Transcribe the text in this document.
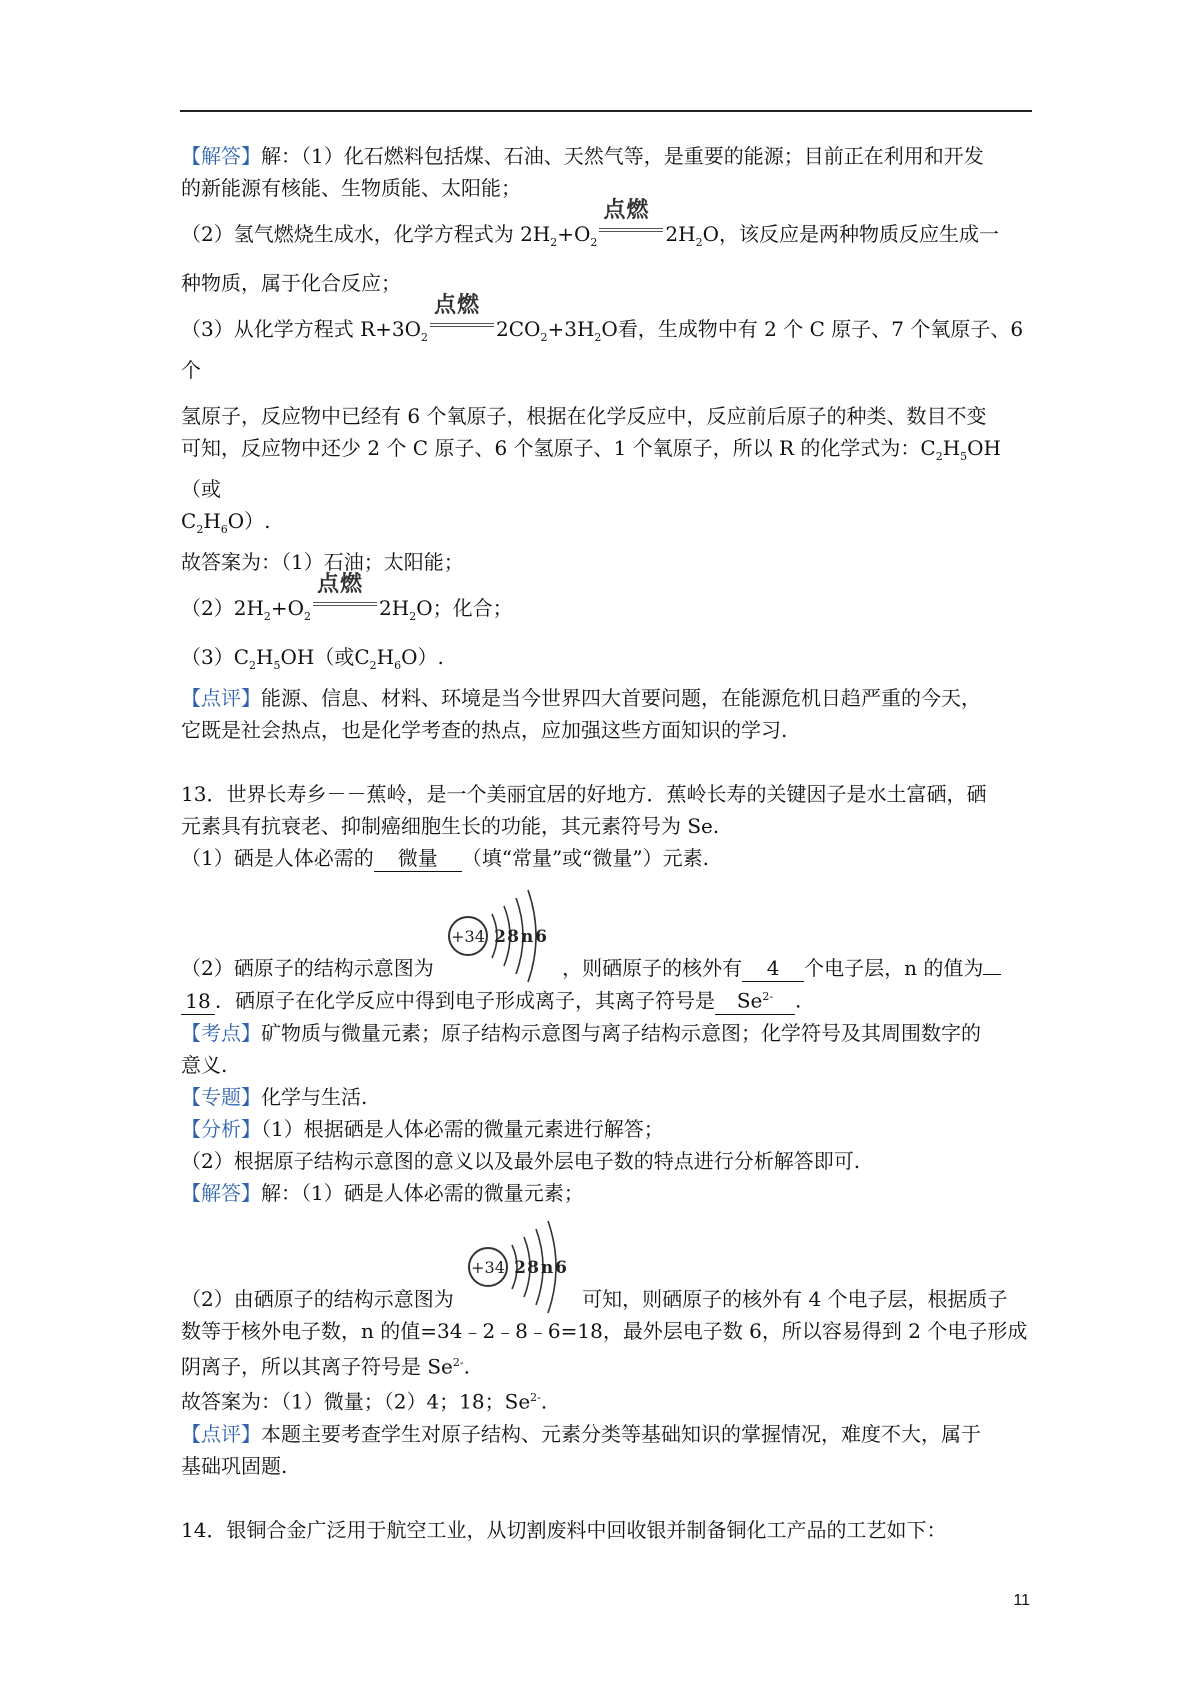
【解答】解：（1）化石燃料包括煤、石油、天然气等，是重要的能源；目前正在利用和开发

的新能源有核能、生物质能、太阳能；

（2）氢气燃烧生成水，化学方程式为 $2H_2+O_2$
点燃
$2H_2O$，该反应是两种物质反应生成一

种物质，属于化合反应；

（3）从化学方程式 $R+3O_2$
点燃
$2CO_2+3H_2O$看，生成物中有 2 个 C 原子、7 个氧原子、6 个

氢原子，反应物中已经有 6 个氧原子，根据在化学反应中，反应前后原子的种类、数目不变

可知，反应物中还少 2 个 C 原子、6 个氢原子、1 个氧原子，所以 R 的化学式为：$C_2H_5OH$（或

$C_2H_6O$）.

故答案为：（1）石油；太阳能；

$(2)2H_2+O_2$
点燃
$2H_2O$；化合；

$(3)C_2H_5OH$（或$C_2H_6O$）.

【点评】能源、信息、材料、环境是当今世界四大首要问题，在能源危机日趋严重的今天，

它既是社会热点，也是化学考查的热点，应加强这些方面知识的学习.

13．世界长寿乡－－蕉岭，是一个美丽宜居的好地方．蕉岭长寿的关键因子是水土富硒，硒

元素具有抗衰老、抑制癌细胞生长的功能，其元素符号为 Se.

（1）硒是人体必需的 微量 （填“常量”或“微量”）元素.

（2）硒原子的结构示意图为
+34 2 8 n 6
，则硒原子的核外有 4 个电子层，n 的值为

18 ．硒原子在化学反应中得到电子形成离子，其离子符号是 $Se^{2-}$ .

【考点】矿物质与微量元素；原子结构示意图与离子结构示意图；化学符号及其周围数字的

意义.

【专题】化学与生活.

【分析】（1）根据硒是人体必需的微量元素进行解答；

（2）根据原子结构示意图的意义以及最外层电子数的特点进行分析解答即可.

【解答】解：（1）硒是人体必需的微量元素；

（2）由硒原子的结构示意图为
+34 2 8 n 6
可知，则硒原子的核外有 4 个电子层，根据质子

数等于核外电子数，n 的值=34﹣2﹣8﹣6=18，最外层电子数 6，所以容易得到 2 个电子形成

阴离子，所以其离子符号是 $Se^{2-}$.

故答案为：（1）微量；（2）4；18；$Se^{2-}$.

【点评】本题主要考查学生对原子结构、元素分类等基础知识的掌握情况，难度不大，属于

基础巩固题.

14．银铜合金广泛用于航空工业，从切割废料中回收银并制备铜化工产品的工艺如下：

11
